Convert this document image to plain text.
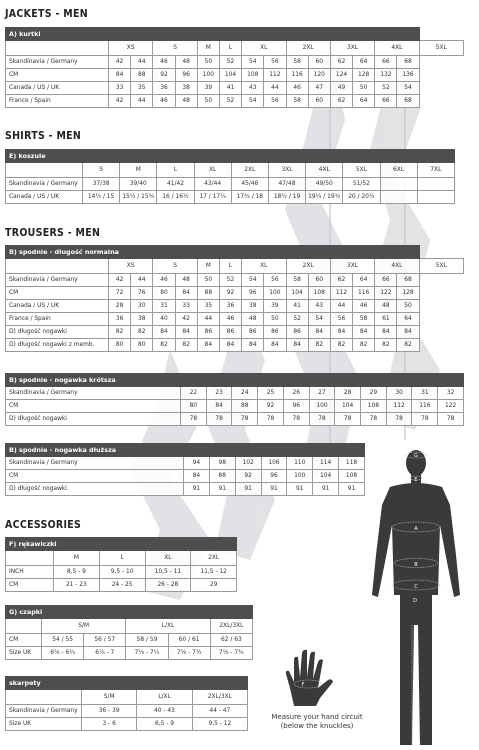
JACKETS - MEN
A) kurtki															
	XS		S		M	L	XL		2XL		3XL		4XL		5XL
Skandinavia / Germany	42	44	46	48	50	52	54	56	58	60	62	64	66	68	
CM	84	88	92	96	100	104	108	112	116	120	124	128	132	136	
Canada / US / UK	33	35	36	38	39	41	43	44	46	47	49	50	52	54	
France / Spain	42	44	46	48	50	52	54	56	58	60	62	64	66	68	
SHIRTS - MEN
E) koszule										
	S	M	L	XL	2XL	3XL	4XL	5XL	6XL	7XL
Skandinavia / Germany	37/38	39/40	41/42	43/44	45/46	47/48	49/50	51/52		
Canada / US / UK	14½ / 15	15½ / 15¾	16 / 16½	17 / 17¼	17¾ / 18	18½ / 19	19¼ / 19¾	20 / 20½		
TROUSERS - MEN
B) spodnie - długość normalna															
	XS		S		M	L	XL		2XL		3XL		4XL		5XL
Skandinavia / Germany	42	44	46	48	50	52	54	56	58	60	62	64	66	68	
CM	72	76	80	84	88	92	96	100	104	108	112	116	122	128	
Canada / US / UK	28	30	31	33	35	36	38	39	41	43	44	46	48	50	
France / Spain	36	38	40	42	44	46	48	50	52	54	56	58	61	64	
D) długość nogawki	82	82	84	84	86	86	86	86	86	84	84	84	84	84	
D) długość nogawki z memb.	80	80	82	82	84	84	84	84	84	82	82	82	82	82	
B) spodnie - nogawka krótsza											
Skandinavia / Germany	22	23	24	25	26	27	28	29	30	31	32
CM	80	84	88	92	96	100	104	108	112	116	122
D) długość nogawki	78	78	78	78	78	78	78	78	78	78	78
B) spodnie - nogawka dłuższa							
Skandinavia / Germany	94	98	102	106	110	114	118
CM	84	88	92	96	100	104	108
D) długość nogawki	91	91	91	91	91	91	91
ACCESSORIES
F) rękawiczki				
	M	L	XL	2XL
INCH	8,5 - 9	9,5 - 10	10,5 - 11	11,5 - 12
CM	21 - 23	24 - 25	26 - 28	29
G) czapki					
	S/M		L/XL		2XL/3XL
CM	54 / 55	56 / 57	58 / 59	60 / 61	62 / 63
Size UK	6⅝ - 6¾	6⅞ - 7	7⅛ - 7¼	7⅜ - 7½	7⅝ - 7¾
skarpety			
	S/M	L/XL	2XL/3XL
Skandinavia / Germany	36 - 39	40 - 43	44 - 47
Size UK	3 - 6	6,5 - 9	9,5 - 12
G
E
A
B
C
D	F
F
Measure your hand circuit
(below the knuckles)
